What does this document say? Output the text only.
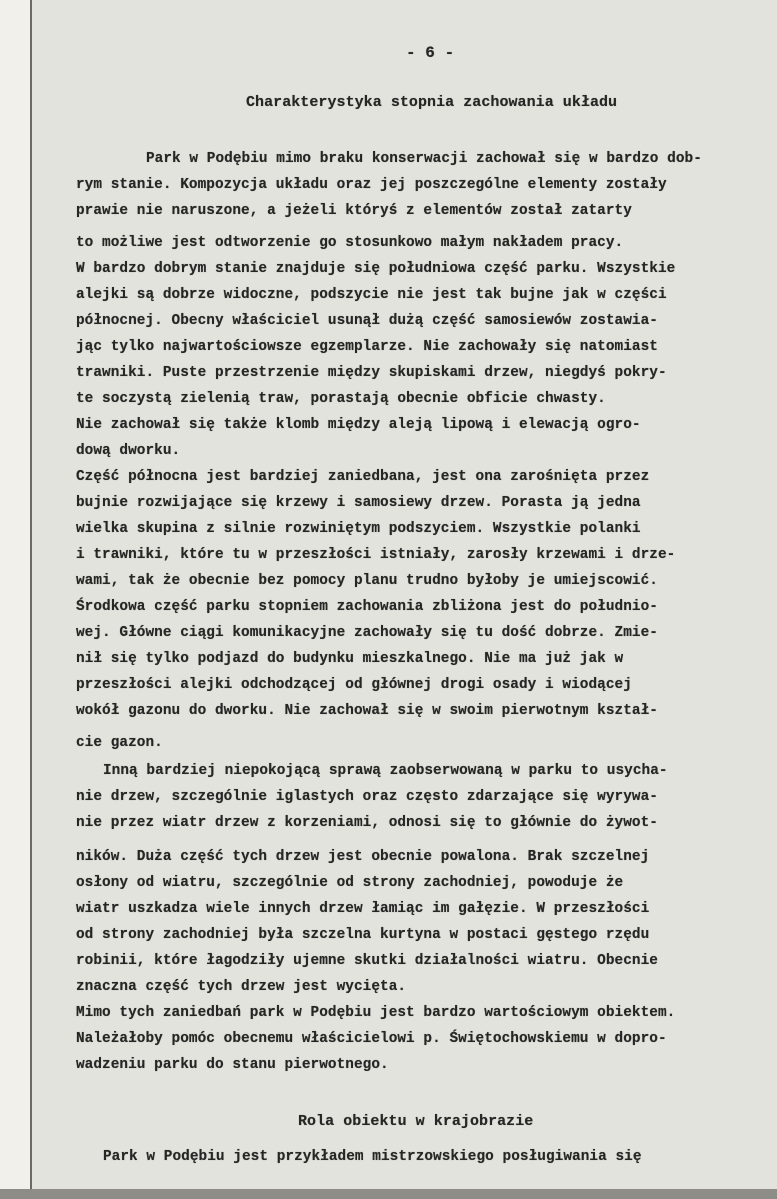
- 6 -
Charakterystyka stopnia zachowania układu
Park w Podębiu mimo braku konserwacji zachował się w bardzo dob-
rym stanie. Kompozycja układu oraz jej poszczególne elementy zostały
prawie nie naruszone, a jeżeli któryś z elementów został zatarty
to możliwe jest odtworzenie go stosunkowo małym nakładem pracy.
W bardzo dobrym stanie znajduje się południowa część parku. Wszystkie
alejki są dobrze widoczne, podszycie nie jest tak bujne jak w części
północnej. Obecny właściciel usunął dużą część samosiewów zostawia-
jąc tylko najwartościowsze egzemplarze. Nie zachowały się natomiast
trawniki. Puste przestrzenie między skupiskami drzew, niegdyś pokry-
te soczystą zielenią traw, porastają obecnie obficie chwasty.
Nie zachował się także klomb między aleją lipową i elewacją ogro-
dową dworku.
Część północna jest bardziej zaniedbana, jest ona zarośnięta przez
bujnie rozwijające się krzewy i samosiewy drzew. Porasta ją jedna
wielka skupina z silnie rozwiniętym podszyciem. Wszystkie polanki
i trawniki, które tu w przeszłości istniały, zarosły krzewami i drze-
wami, tak że obecnie bez pomocy planu trudno byłoby je umiejscowić.
Środkowa część parku stopniem zachowania zbliżona jest do południo-
wej. Główne ciągi komunikacyjne zachowały się tu dość dobrze. Zmie-
nił się tylko podjazd do budynku mieszkalnego. Nie ma już jak w
przeszłości alejki odchodzącej od głównej drogi osady i wiodącej
wokół gazonu do dworku. Nie zachował się w swoim pierwotnym kształ-
cie gazon.
Inną bardziej niepokojącą sprawą zaobserwowaną w parku to usycha-
nie drzew, szczególnie iglastych oraz często zdarzające się wyrywa-
nie przez wiatr drzew z korzeniami, odnosi się to głównie do żywot-
ników. Duża część tych drzew jest obecnie powalona. Brak szczelnej
osłony od wiatru, szczególnie od strony zachodniej, powoduje że
wiatr uszkadza wiele innych drzew łamiąc im gałęzie. W przeszłości
od strony zachodniej była szczelna kurtyna w postaci gęstego rzędu
robinii, które łagodziły ujemne skutki działalności wiatru. Obecnie
znaczna część tych drzew jest wycięta.
Mimo tych zaniedbań park w Podębiu jest bardzo wartościowym obiektem.
Należałoby pomóc obecnemu właścicielowi p. Świętochowskiemu w dopro-
wadzeniu parku do stanu pierwotnego.
Rola obiektu w krajobrazie
Park w Podębiu jest przykładem mistrzowskiego posługiwania się
